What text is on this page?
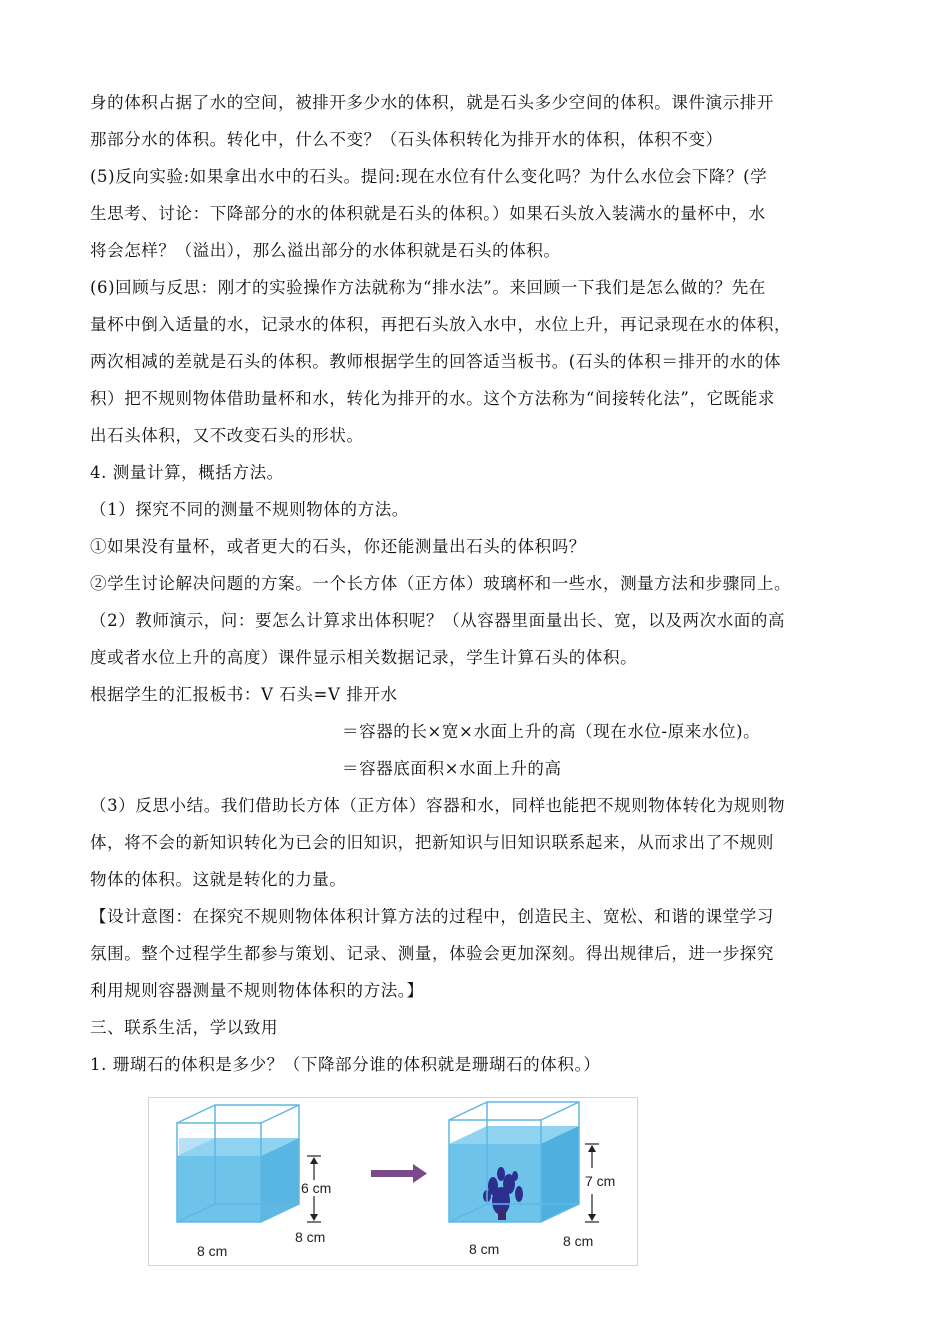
身的体积占据了水的空间，被排开多少水的体积，就是石头多少空间的体积。课件演示排开
那部分水的体积。转化中，什么不变？（石头体积转化为排开水的体积，体积不变）
(5)反向实验:如果拿出水中的石头。提问:现在水位有什么变化吗？为什么水位会下降？(学
生思考、讨论：下降部分的水的体积就是石头的体积。）如果石头放入装满水的量杯中，水
将会怎样？（溢出），那么溢出部分的水体积就是石头的体积。
(6)回顾与反思：刚才的实验操作方法就称为“排水法”。来回顾一下我们是怎么做的？先在
量杯中倒入适量的水，记录水的体积，再把石头放入水中，水位上升，再记录现在水的体积，
两次相减的差就是石头的体积。教师根据学生的回答适当板书。(石头的体积＝排开的水的体
积）把不规则物体借助量杯和水，转化为排开的水。这个方法称为“间接转化法”，它既能求
出石头体积，又不改变石头的形状。
4. 测量计算，概括方法。
（1）探究不同的测量不规则物体的方法。
①如果没有量杯，或者更大的石头，你还能测量出石头的体积吗？
②学生讨论解决问题的方案。一个长方体（正方体）玻璃杯和一些水，测量方法和步骤同上。
（2）教师演示，问：要怎么计算求出体积呢？（从容器里面量出长、宽，以及两次水面的高
度或者水位上升的高度）课件显示相关数据记录，学生计算石头的体积。
根据学生的汇报板书：V 石头=V 排开水
＝容器的长×宽×水面上升的高（现在水位-原来水位)。
＝容器底面积×水面上升的高
（3）反思小结。我们借助长方体（正方体）容器和水，同样也能把不规则物体转化为规则物
体，将不会的新知识转化为已会的旧知识，把新知识与旧知识联系起来，从而求出了不规则
物体的体积。这就是转化的力量。
【设计意图：在探究不规则物体体积计算方法的过程中，创造民主、宽松、和谐的课堂学习
氛围。整个过程学生都参与策划、记录、测量，体验会更加深刻。得出规律后，进一步探究
利用规则容器测量不规则物体体积的方法。】
三、联系生活，学以致用
1. 珊瑚石的体积是多少？（下降部分谁的体积就是珊瑚石的体积。）
6 cm
8 cm
8 cm
7 cm
8 cm	8 cm
